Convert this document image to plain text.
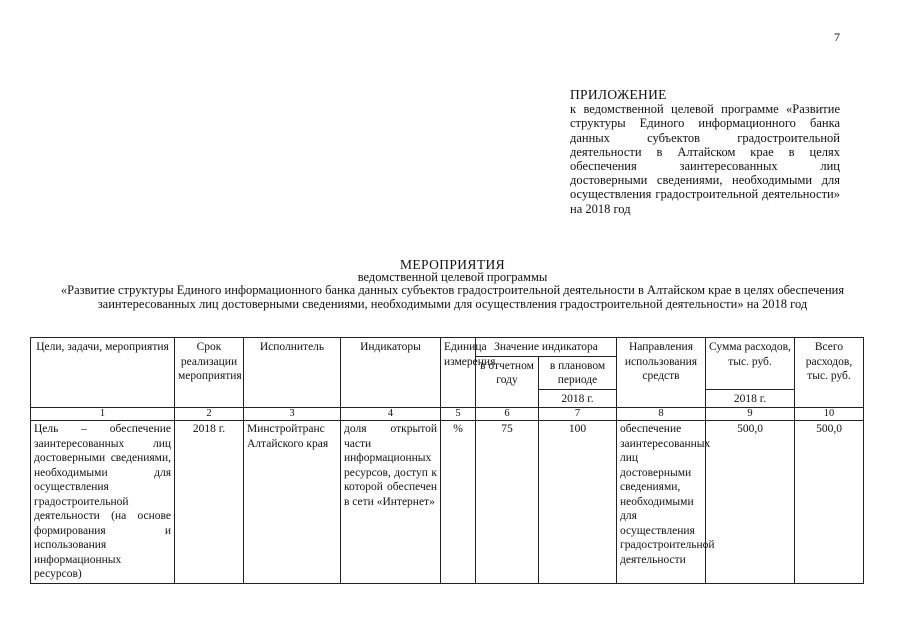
7
ПРИЛОЖЕНИЕ
к ведомственной целевой программе «Развитие структуры Единого информационного банка данных субъектов градостроительной деятельности в Алтайском крае в целях обеспечения заинтересованных лиц достоверными сведениями, необходимыми для осуществления градостроительной деятельности» на 2018 год
МЕРОПРИЯТИЯ
ведомственной целевой программы
«Развитие структуры Единого информационного банка данных субъектов градостроительной деятельности в Алтайском крае в целях обеспечения заинтересованных лиц достоверными сведениями, необходимыми для осуществления градостроительной деятельности» на 2018 год
Цели, задачи, мероприятия	Срок реализации мероприятия	Исполнитель	Индикаторы	Единица измерения	Значение индикатора		Направления использования средств	Сумма расходов, тыс. руб.	Всего расходов, тыс. руб.
					в отчетном году	в плановом периоде			
						2018 г.		2018 г.	
1	2	3	4	5	6	7	8	9	10
Цель – обеспечение заинтересованных лиц достоверными сведениями, необходимыми для осуществления градостроительной деятельности (на основе формирования и использования информационных ресурсов)	2018 г.	Минстройтранс Алтайского края	доля открытой части информационных ресурсов, доступ к которой обеспечен в сети «Интернет»	%	75	100	обеспечение заинтересованных лиц достоверными сведениями, необходимыми для осуществления градостроительной деятельности	500,0	500,0
